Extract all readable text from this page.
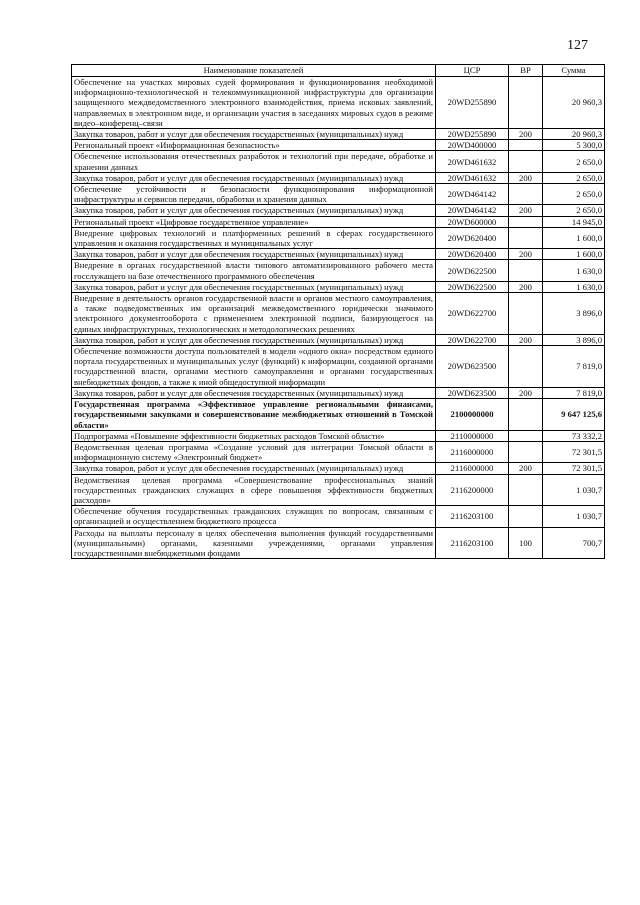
127
Наименование показателей	ЦСР	ВР	Сумма
Обеспечение на участках мировых судей формирования и функционирования необходимой информационно-технологической и телекоммуникационной инфраструктуры для организации защищенного междведомственного электронного взаимодействия, приема исковых заявлений, направляемых в электронном виде, и организации участия в заседаниях мировых судов в режиме видео–конференц–связи	20WD255890		20 960,3
Закупка товаров, работ и услуг для обеспечения государственных (муниципальных) нужд	20WD255890	200	20 960,3
Региональный проект «Информационная безопасность»	20WD400000		5 300,0
Обеспечение использования отечественных разработок и технологий при передаче, обработке и хранении данных	20WD461632		2 650,0
Закупка товаров, работ и услуг для обеспечения государственных (муниципальных) нужд	20WD461632	200	2 650,0
Обеспечение устойчивости и безопасности функционирования информационной инфраструктуры и сервисов передачи, обработки и хранения данных	20WD464142		2 650,0
Закупка товаров, работ и услуг для обеспечения государственных (муниципальных) нужд	20WD464142	200	2 650,0
Региональный проект «Цифровое государственное управление»	20WD600000		14 945,0
Внедрение цифровых технологий и платформенных решений в сферах государственного управления и оказания государственных и муниципальных услуг	20WD620400		1 600,0
Закупка товаров, работ и услуг для обеспечения государственных (муниципальных) нужд	20WD620400	200	1 600,0
Внедрение в органах государственной власти типового автоматизированного рабочего места госслужащего на базе отечественного программного обеспечения	20WD622500		1 630,0
Закупка товаров, работ и услуг для обеспечения государственных (муниципальных) нужд	20WD622500	200	1 630,0
Внедрение в деятельность органов государственной власти и органов местного самоуправления, а также подведомственных им организаций межведомственного юридически значимого электронного документооборота с применением электронной подписи, базирующегося на единых инфраструктурных, технологических и методологических решениях	20WD622700		3 896,0
Закупка товаров, работ и услуг для обеспечения государственных (муниципальных) нужд	20WD622700	200	3 896,0
Обеспечение возможности доступа пользователей в модели «одного окна» посредством единого портала государственных и муниципальных услуг (функций) к информации, созданной органами государственной власти, органами местного самоуправления и органами государственных внебюджетных фондов, а также к иной общедоступной информации	20WD623500		7 819,0
Закупка товаров, работ и услуг для обеспечения государственных (муниципальных) нужд	20WD623500	200	7 819,0
Государственная программа «Эффективное управление региональными финансами, государственными закупками и совершенствование межбюджетных отношений в Томской области»	2100000000		9 647 125,6
Подпрограмма «Повышение эффективности бюджетных расходов Томской области»	2110000000		73 332,2
Ведомственная целевая программа «Создание условий для интеграции Томской области в информационную систему «Электронный бюджет»	2116000000		72 301,5
Закупка товаров, работ и услуг для обеспечения государственных (муниципальных) нужд	2116000000	200	72 301,5
Ведомственная целевая программа «Совершенствование профессиональных знаний государственных гражданских служащих в сфере повышения эффективности бюджетных расходов»	2116200000		1 030,7
Обеспечение обучения государственных гражданских служащих по вопросам, связанным с организацией и осуществлением бюджетного процесса	2116203100		1 030,7
Расходы на выплаты персоналу в целях обеспечения выполнения функций государственными (муниципальными) органами, казенными учреждениями, органами управления государственными внебюджетными фондами	2116203100	100	700,7
